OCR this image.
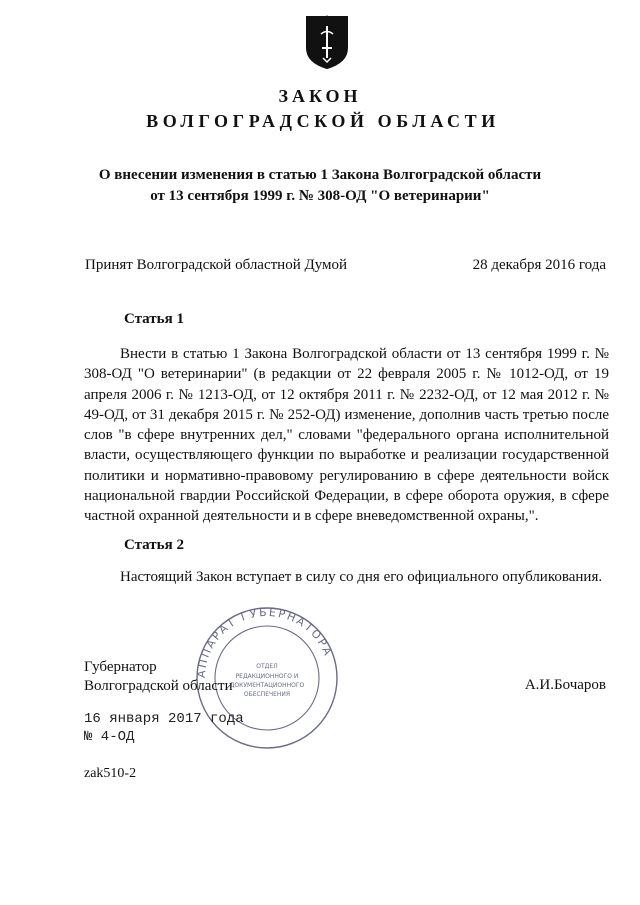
ЗАКОН
ВОЛГОГРАДСКОЙ ОБЛАСТИ
О внесении изменения в статью 1 Закона Волгоградской области
от 13 сентября 1999 г. № 308-ОД "О ветеринарии"
Принят Волгоградской областной Думой	28 декабря 2016 года
Статья 1
Внести в статью 1 Закона Волгоградской области от 13 сентября 1999 г. № 308-ОД "О ветеринарии" (в редакции от 22 февраля 2005 г. № 1012-ОД, от 19 апреля 2006 г. № 1213-ОД, от 12 октября 2011 г. № 2232-ОД, от 12 мая 2012 г. № 49-ОД, от 31 декабря 2015 г. № 252-ОД) изменение, дополнив часть третью после слов "в сфере внутренних дел," словами "федерального органа исполнительной власти, осуществляющего функции по выработке и реализации государственной политики и нормативно-правовому регулированию в сфере деятельности войск национальной гвардии Российской Федерации, в сфере оборота оружия, в сфере частной охранной деятельности и в сфере вневедомственной охраны,".
Статья 2
Настоящий Закон вступает в силу со дня его официального опубликования.
АППАРАТ ГУБЕРНАТОРА
ОТДЕЛ
РЕДАКЦИОННОГО И
ДОКУМЕНТАЦИОННОГО
ОБЕСПЕЧЕНИЯ
Губернатор
Волгоградской области	А.И.Бочаров
16 января 2017 года
№ 4-ОД
zak510-2
